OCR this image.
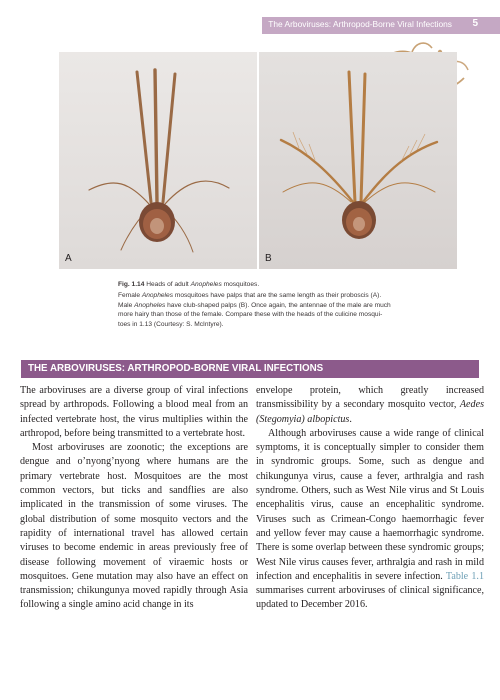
The Arboviruses: Arthropod-Borne Viral Infections 5
A	B

Fig. 1.14 Heads of adult Anopheles mosquitoes.

Female Anopheles mosquitoes have palps that are the same length as their proboscis (A).

Male Anopheles have club-shaped palps (B). Once again, the antennae of the male are much

more hairy than those of the female. Compare these with the heads of the culicine mosqui-

toes in 1.13 (Courtesy: S. McIntyre).

THE ARBOVIRUSES: ARTHROPOD-BORNE VIRAL INFECTIONS

The arboviruses are a diverse group of viral infections spread by arthropods. Following a blood meal from an infected vertebrate host, the virus multiplies within the arthropod, before being transmitted to a vertebrate host.

Most arboviruses are zoonotic; the exceptions are dengue and o’nyong’nyong where humans are the primary vertebrate host. Mosquitoes are the most common vectors, but ticks and sandflies are also implicated in the transmission of some viruses. The global distribution of some mosquito vectors and the rapidity of international travel has allowed certain viruses to become endemic in areas previously free of disease following movement of viraemic hosts or mosquitoes. Gene mutation may also have an effect on transmission; chikungunya moved rapidly through Asia following a single amino acid change in its

envelope protein, which greatly increased transmissibility by a secondary mosquito vector, Aedes (Stegomyia) albopictus.

Although arboviruses cause a wide range of clinical symptoms, it is conceptually simpler to consider them in syndromic groups. Some, such as dengue and chikungunya virus, cause a fever, arthralgia and rash syndrome. Others, such as West Nile virus and St Louis encephalitis virus, cause an encephalitic syndrome. Viruses such as Crimean-Congo haemorrhagic fever and yellow fever may cause a haemorrhagic syndrome. There is some overlap between these syndromic groups; West Nile virus causes fever, arthralgia and rash in mild infection and encephalitis in severe infection. Table 1.1 summarises current arboviruses of clinical significance, updated to December 2016.
